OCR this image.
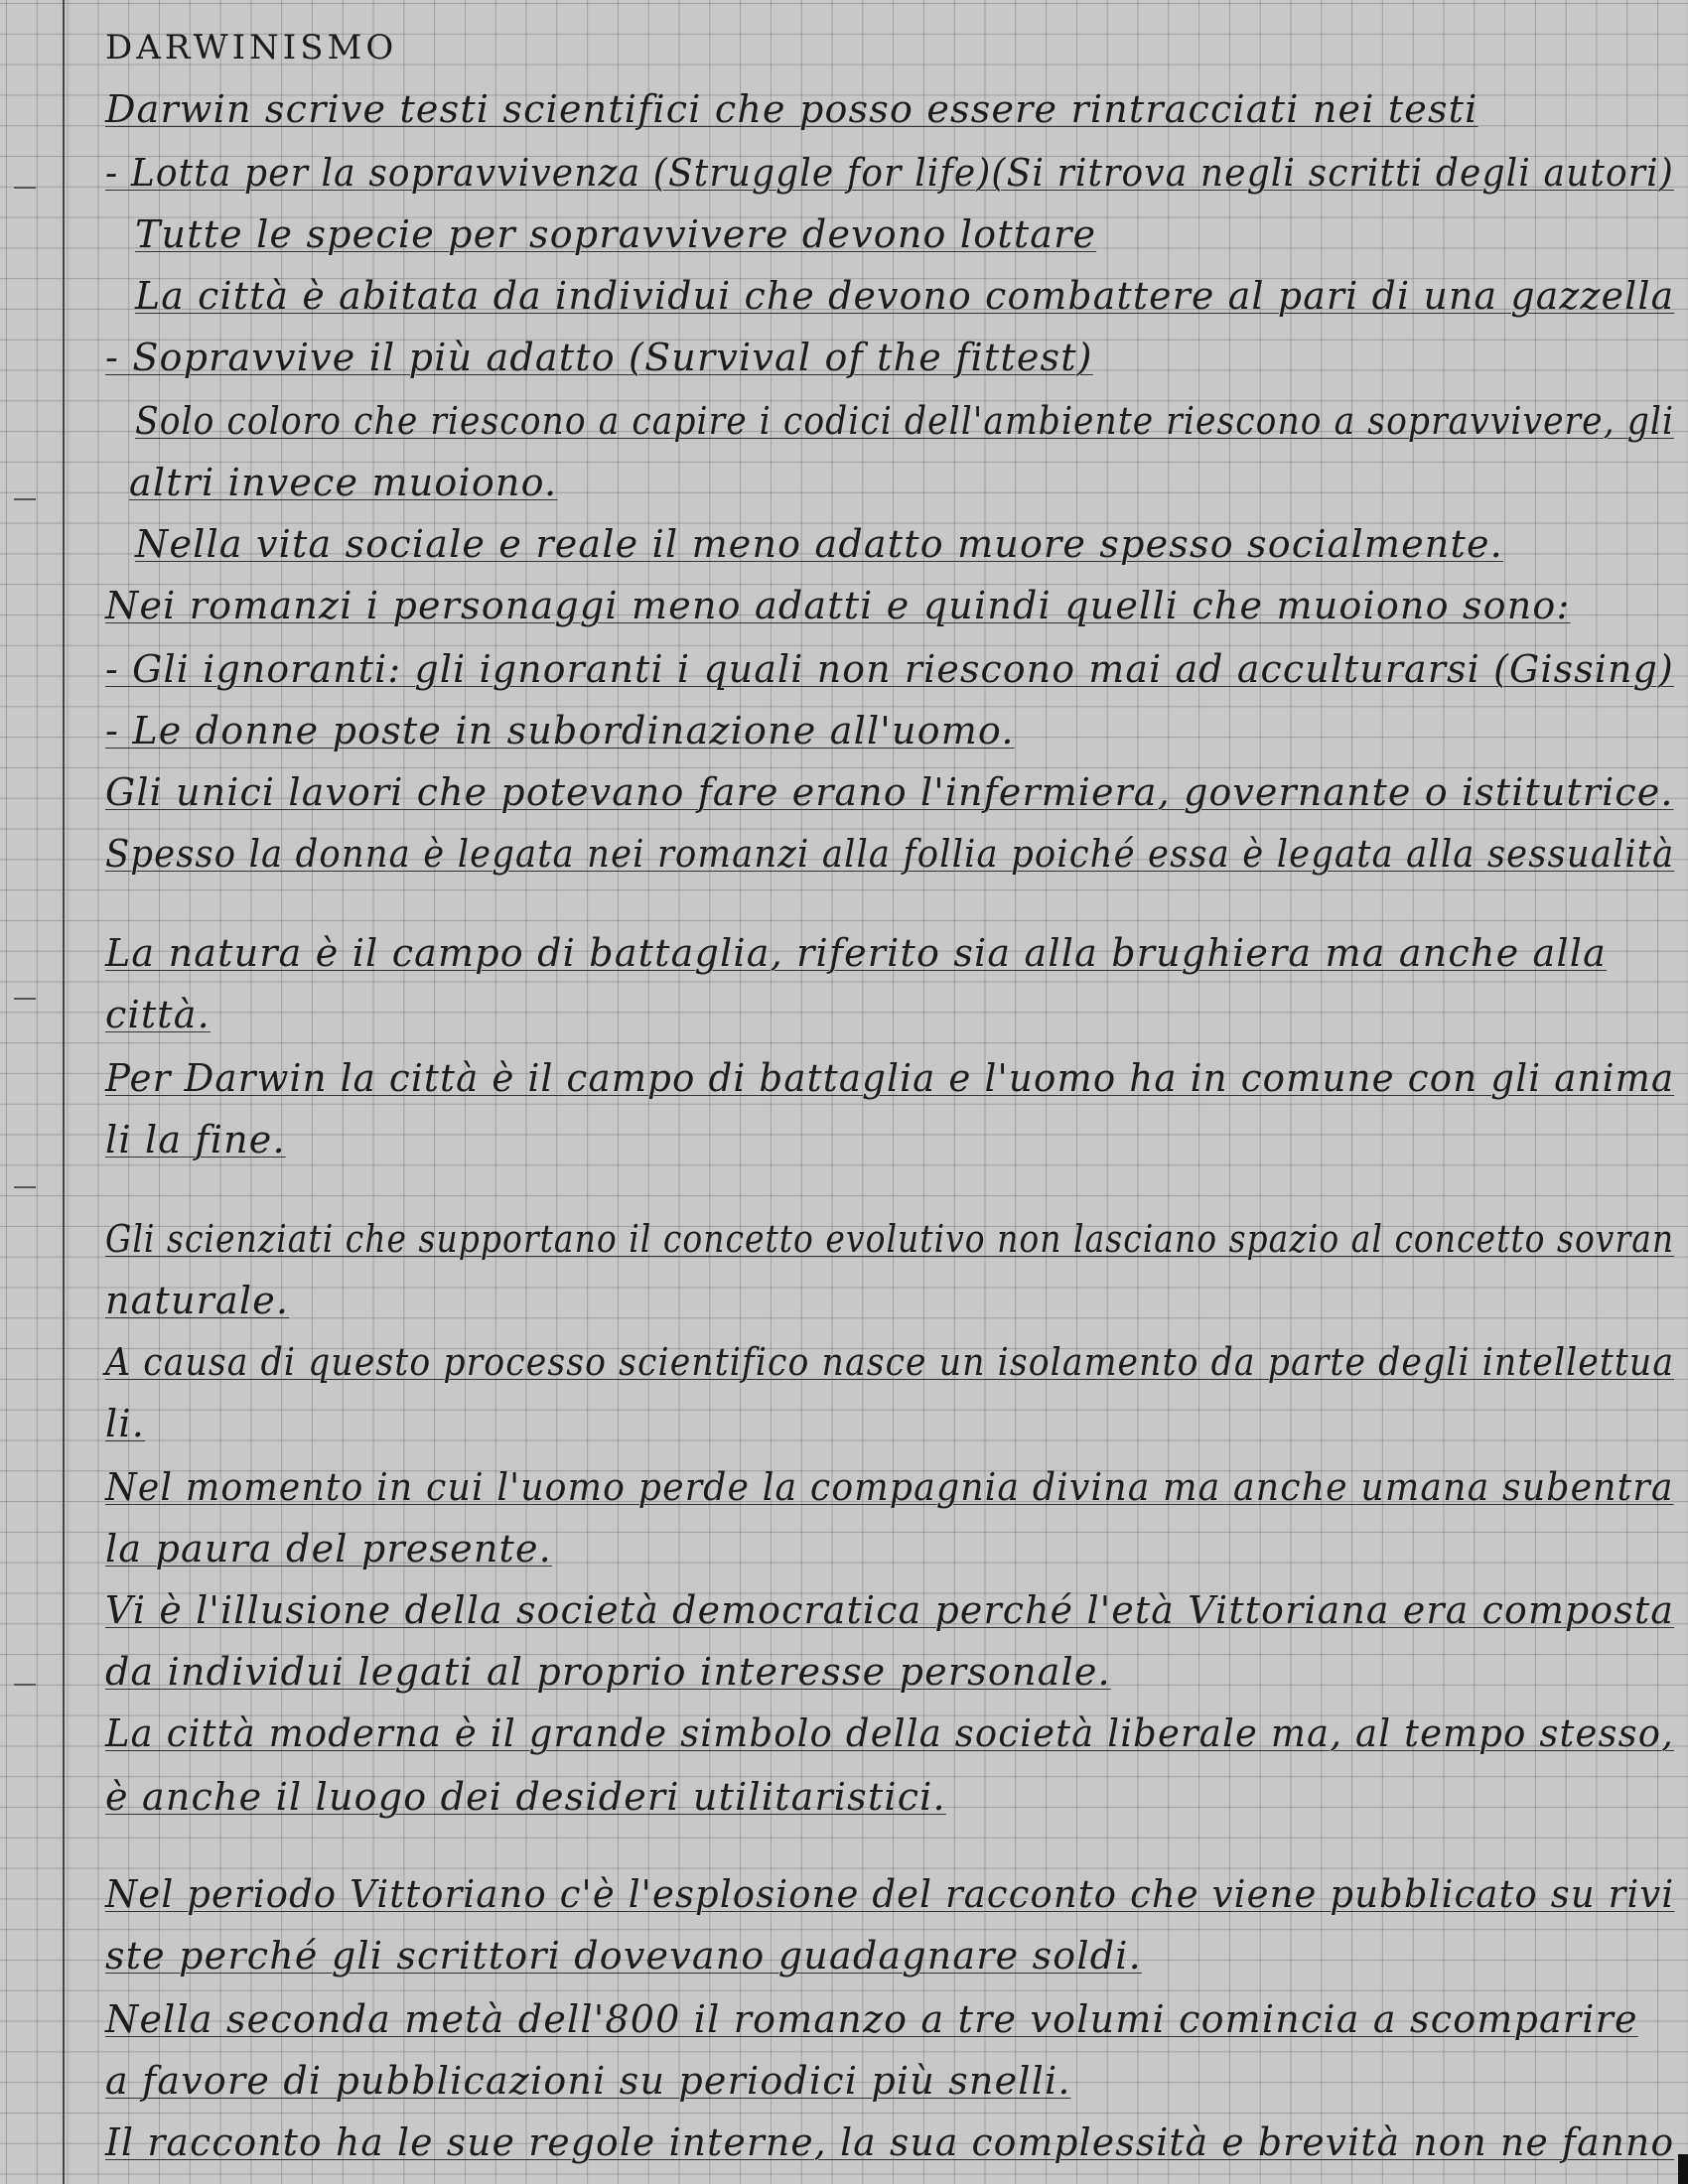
DARWINISMO
Darwin scrive testi scientifici che posso essere rintracciati nei testi
- Lotta per la sopravvivenza (Struggle for life)(Si ritrova negli scritti degli autori)
Tutte le specie per sopravvivere devono lottare
La città è abitata da individui che devono combattere al pari di una gazzella
- Sopravvive il più adatto (Survival of the fittest)
Solo coloro che riescono a capire i codici dell'ambiente riescono a sopravvivere, gli
altri invece muoiono.
Nella vita sociale e reale il meno adatto muore spesso socialmente.
Nei romanzi i personaggi meno adatti e quindi quelli che muoiono sono:
- Gli ignoranti: gli ignoranti i quali non riescono mai ad acculturarsi (Gissing)
- Le donne poste in subordinazione all'uomo.
Gli unici lavori che potevano fare erano l'infermiera, governante o istitutrice.
Spesso la donna è legata nei romanzi alla follia poiché essa è legata alla sessualità
La natura è il campo di battaglia, riferito sia alla brughiera ma anche alla
città.
Per Darwin la città è il campo di battaglia e l'uomo ha in comune con gli anima
li la fine.
Gli scienziati che supportano il concetto evolutivo non lasciano spazio al concetto sovran
naturale.
A causa di questo processo scientifico nasce un isolamento da parte degli intellettua
li.
Nel momento in cui l'uomo perde la compagnia divina ma anche umana subentra
la paura del presente.
Vi è l'illusione della società democratica perché l'età Vittoriana era composta
da individui legati al proprio interesse personale.
La città moderna è il grande simbolo della società liberale ma, al tempo stesso,
è anche il luogo dei desideri utilitaristici.
Nel periodo Vittoriano c'è l'esplosione del racconto che viene pubblicato su rivi
ste perché gli scrittori dovevano guadagnare soldi.
Nella seconda metà dell'800 il romanzo a tre volumi comincia a scomparire
a favore di pubblicazioni su periodici più snelli.
Il racconto ha le sue regole interne, la sua complessità e brevità non ne fanno
